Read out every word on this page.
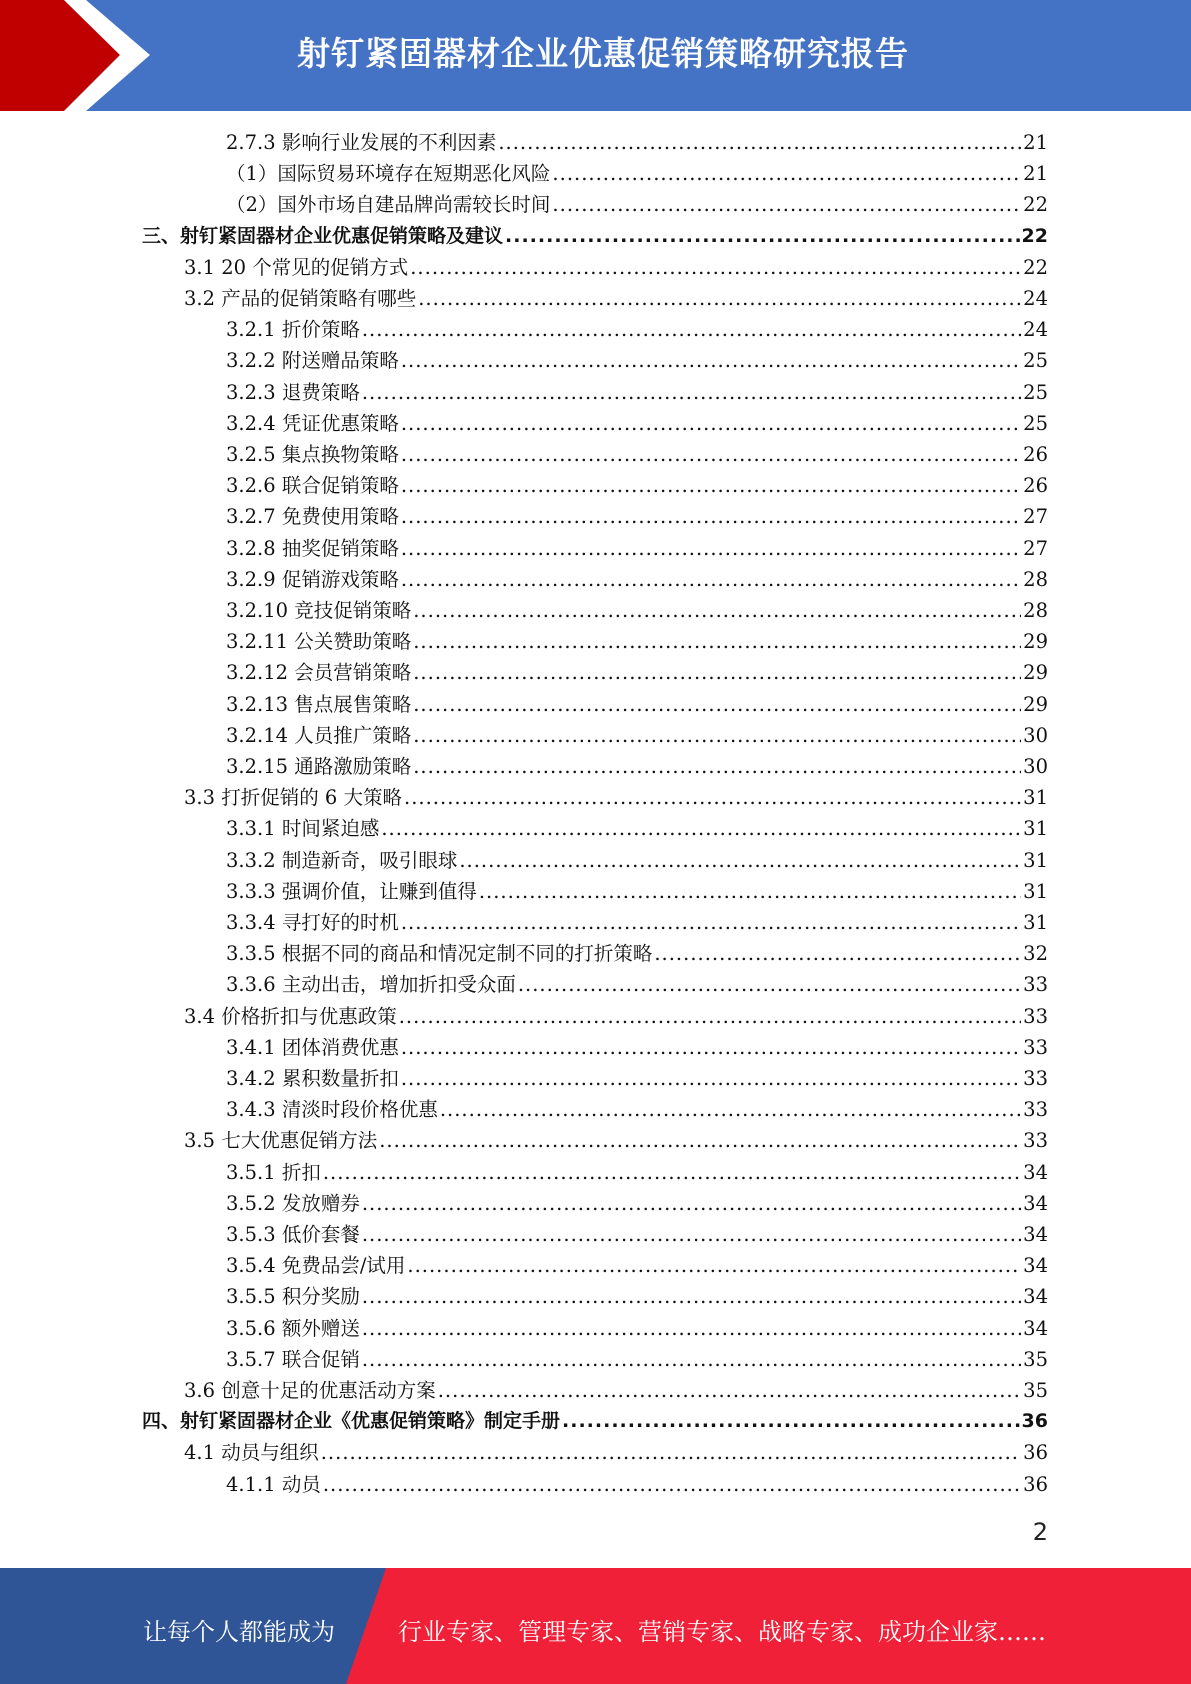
射钉紧固器材企业优惠促销策略研究报告
2.7.3 影响行业发展的不利因素 .....	21
（1）国际贸易环境存在短期恶化风险 .....	21
（2）国外市场自建品牌尚需较长时间 .....	22
三、射钉紧固器材企业优惠促销策略及建议 .....	22
3.1 20 个常见的促销方式 .....	22
3.2 产品的促销策略有哪些 .....	24
3.2.1 折价策略 .....	24
3.2.2 附送赠品策略 .....	25
3.2.3 退费策略 .....	25
3.2.4 凭证优惠策略 .....	25
3.2.5 集点换物策略 .....	26
3.2.6 联合促销策略 .....	26
3.2.7 免费使用策略 .....	27
3.2.8 抽奖促销策略 .....	27
3.2.9 促销游戏策略 .....	28
3.2.10 竞技促销策略 .....	28
3.2.11 公关赞助策略 .....	29
3.2.12 会员营销策略 .....	29
3.2.13 售点展售策略 .....	29
3.2.14 人员推广策略 .....	30
3.2.15 通路激励策略 .....	30
3.3 打折促销的 6 大策略 .....	31
3.3.1 时间紧迫感 .....	31
3.3.2 制造新奇，吸引眼球 .....	31
3.3.3 强调价值，让赚到值得 .....	31
3.3.4 寻打好的时机 .....	31
3.3.5 根据不同的商品和情况定制不同的打折策略 .....	32
3.3.6 主动出击，增加折扣受众面 .....	33
3.4 价格折扣与优惠政策 .....	33
3.4.1 团体消费优惠 .....	33
3.4.2 累积数量折扣 .....	33
3.4.3 清淡时段价格优惠 .....	33
3.5 七大优惠促销方法 .....	33
3.5.1 折扣 .....	34
3.5.2 发放赠券 .....	34
3.5.3 低价套餐 .....	34
3.5.4 免费品尝/试用 .....	34
3.5.5 积分奖励 .....	34
3.5.6 额外赠送 .....	34
3.5.7 联合促销 .....	35
3.6 创意十足的优惠活动方案 .....	35
四、射钉紧固器材企业《优惠促销策略》制定手册 .....	36
4.1 动员与组织 .....	36
4.1.1 动员 .....	36
2
让每个人都能成为	行业专家、管理专家、营销专家、战略专家、成功企业家……
